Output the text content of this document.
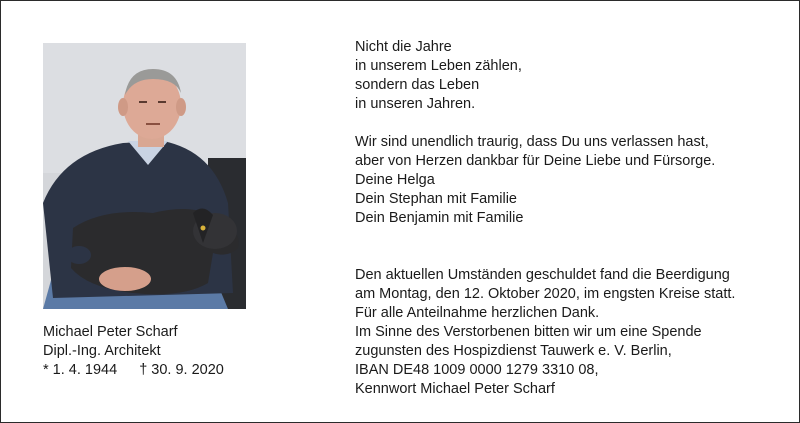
Michael Peter Scharf
Dipl.-Ing. Architekt
* 1. 4. 1944 † 30. 9. 2020
Nicht die Jahre
in unserem Leben zählen,
sondern das Leben
in unseren Jahren.
Wir sind unendlich traurig, dass Du uns verlassen hast,
aber von Herzen dankbar für Deine Liebe und Fürsorge.
Deine Helga
Dein Stephan mit Familie
Dein Benjamin mit Familie
Den aktuellen Umständen geschuldet fand die Beerdigung
am Montag, den 12. Oktober 2020, im engsten Kreise statt.
Für alle Anteilnahme herzlichen Dank.
Im Sinne des Verstorbenen bitten wir um eine Spende
zugunsten des Hospizdienst Tauwerk e. V. Berlin,
IBAN DE48 1009 0000 1279 3310 08,
Kennwort Michael Peter Scharf
